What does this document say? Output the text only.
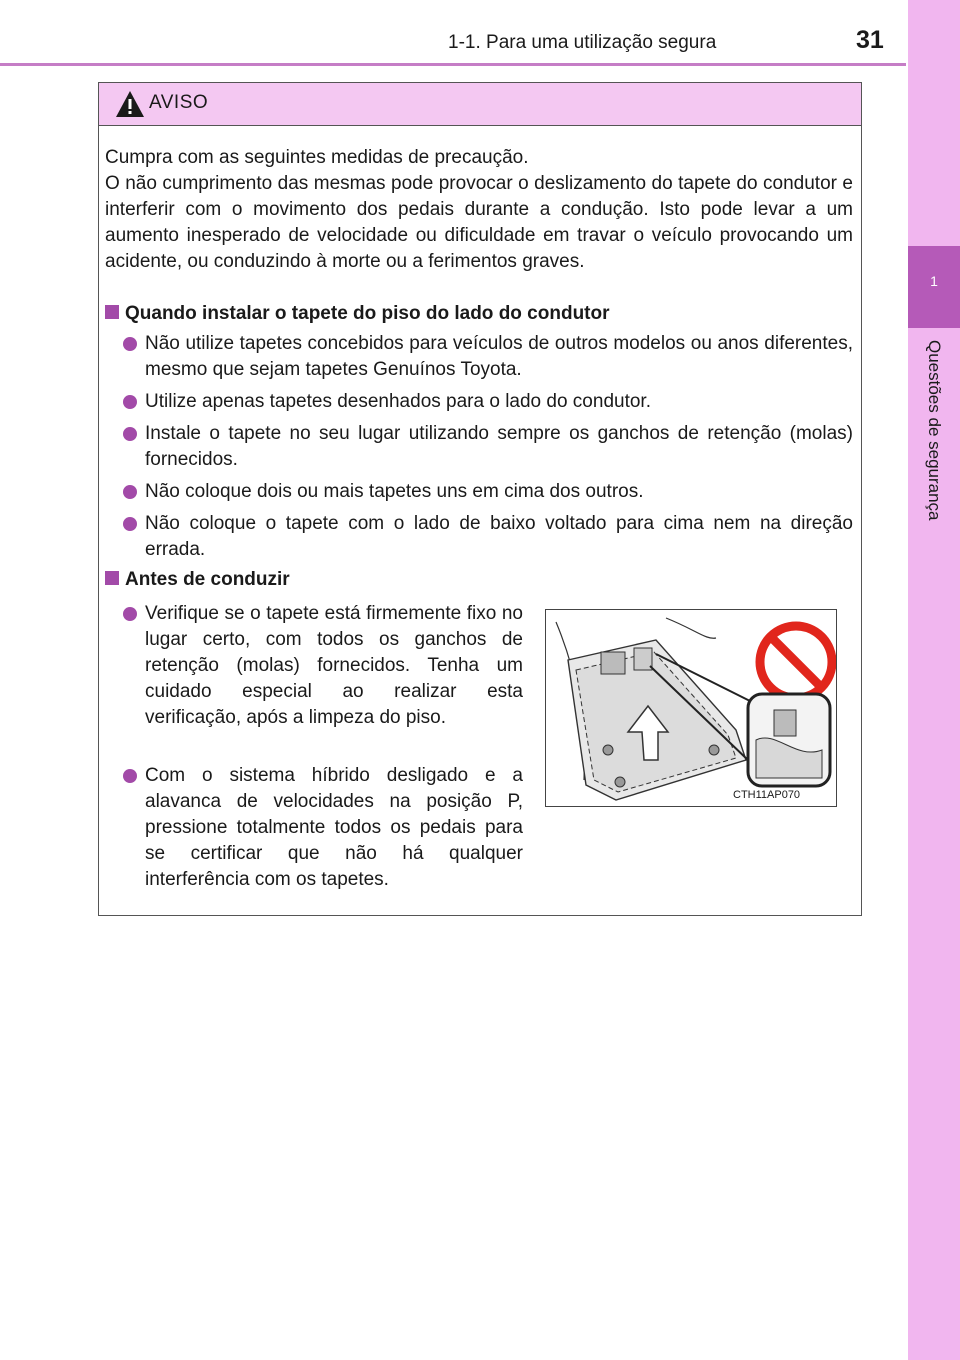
1-1. Para uma utilização segura	31
1
Questões de segurança
AVISO

Cumpra com as seguintes medidas de precaução.

O não cumprimento das mesmas pode provocar o deslizamento do tapete do condutor e interferir com o movimento dos pedais durante a condução. Isto pode levar a um aumento inesperado de velocidade ou dificuldade em travar o veículo provocando um acidente, ou conduzindo à morte ou a ferimentos graves.

Quando instalar o tapete do piso do lado do condutor
Não utilize tapetes concebidos para veículos de outros modelos ou anos diferentes, mesmo que sejam tapetes Genuínos Toyota.
Utilize apenas tapetes desenhados para o lado do condutor.
Instale o tapete no seu lugar utilizando sempre os ganchos de retenção (molas) fornecidos.
Não coloque dois ou mais tapetes uns em cima dos outros.
Não coloque o tapete com o lado de baixo voltado para cima nem na direção errada.
Antes de conduzir
Verifique se o tapete está firmemente fixo no lugar certo, com todos os ganchos de retenção (molas) fornecidos. Tenha um cuidado especial ao realizar esta verificação, após a limpeza do piso.
Com o sistema híbrido desligado e a alavanca de velocidades na posição P, pressione totalmente todos os pedais para se certificar que não há qualquer interferência com os tapetes.
CTH11AP070
